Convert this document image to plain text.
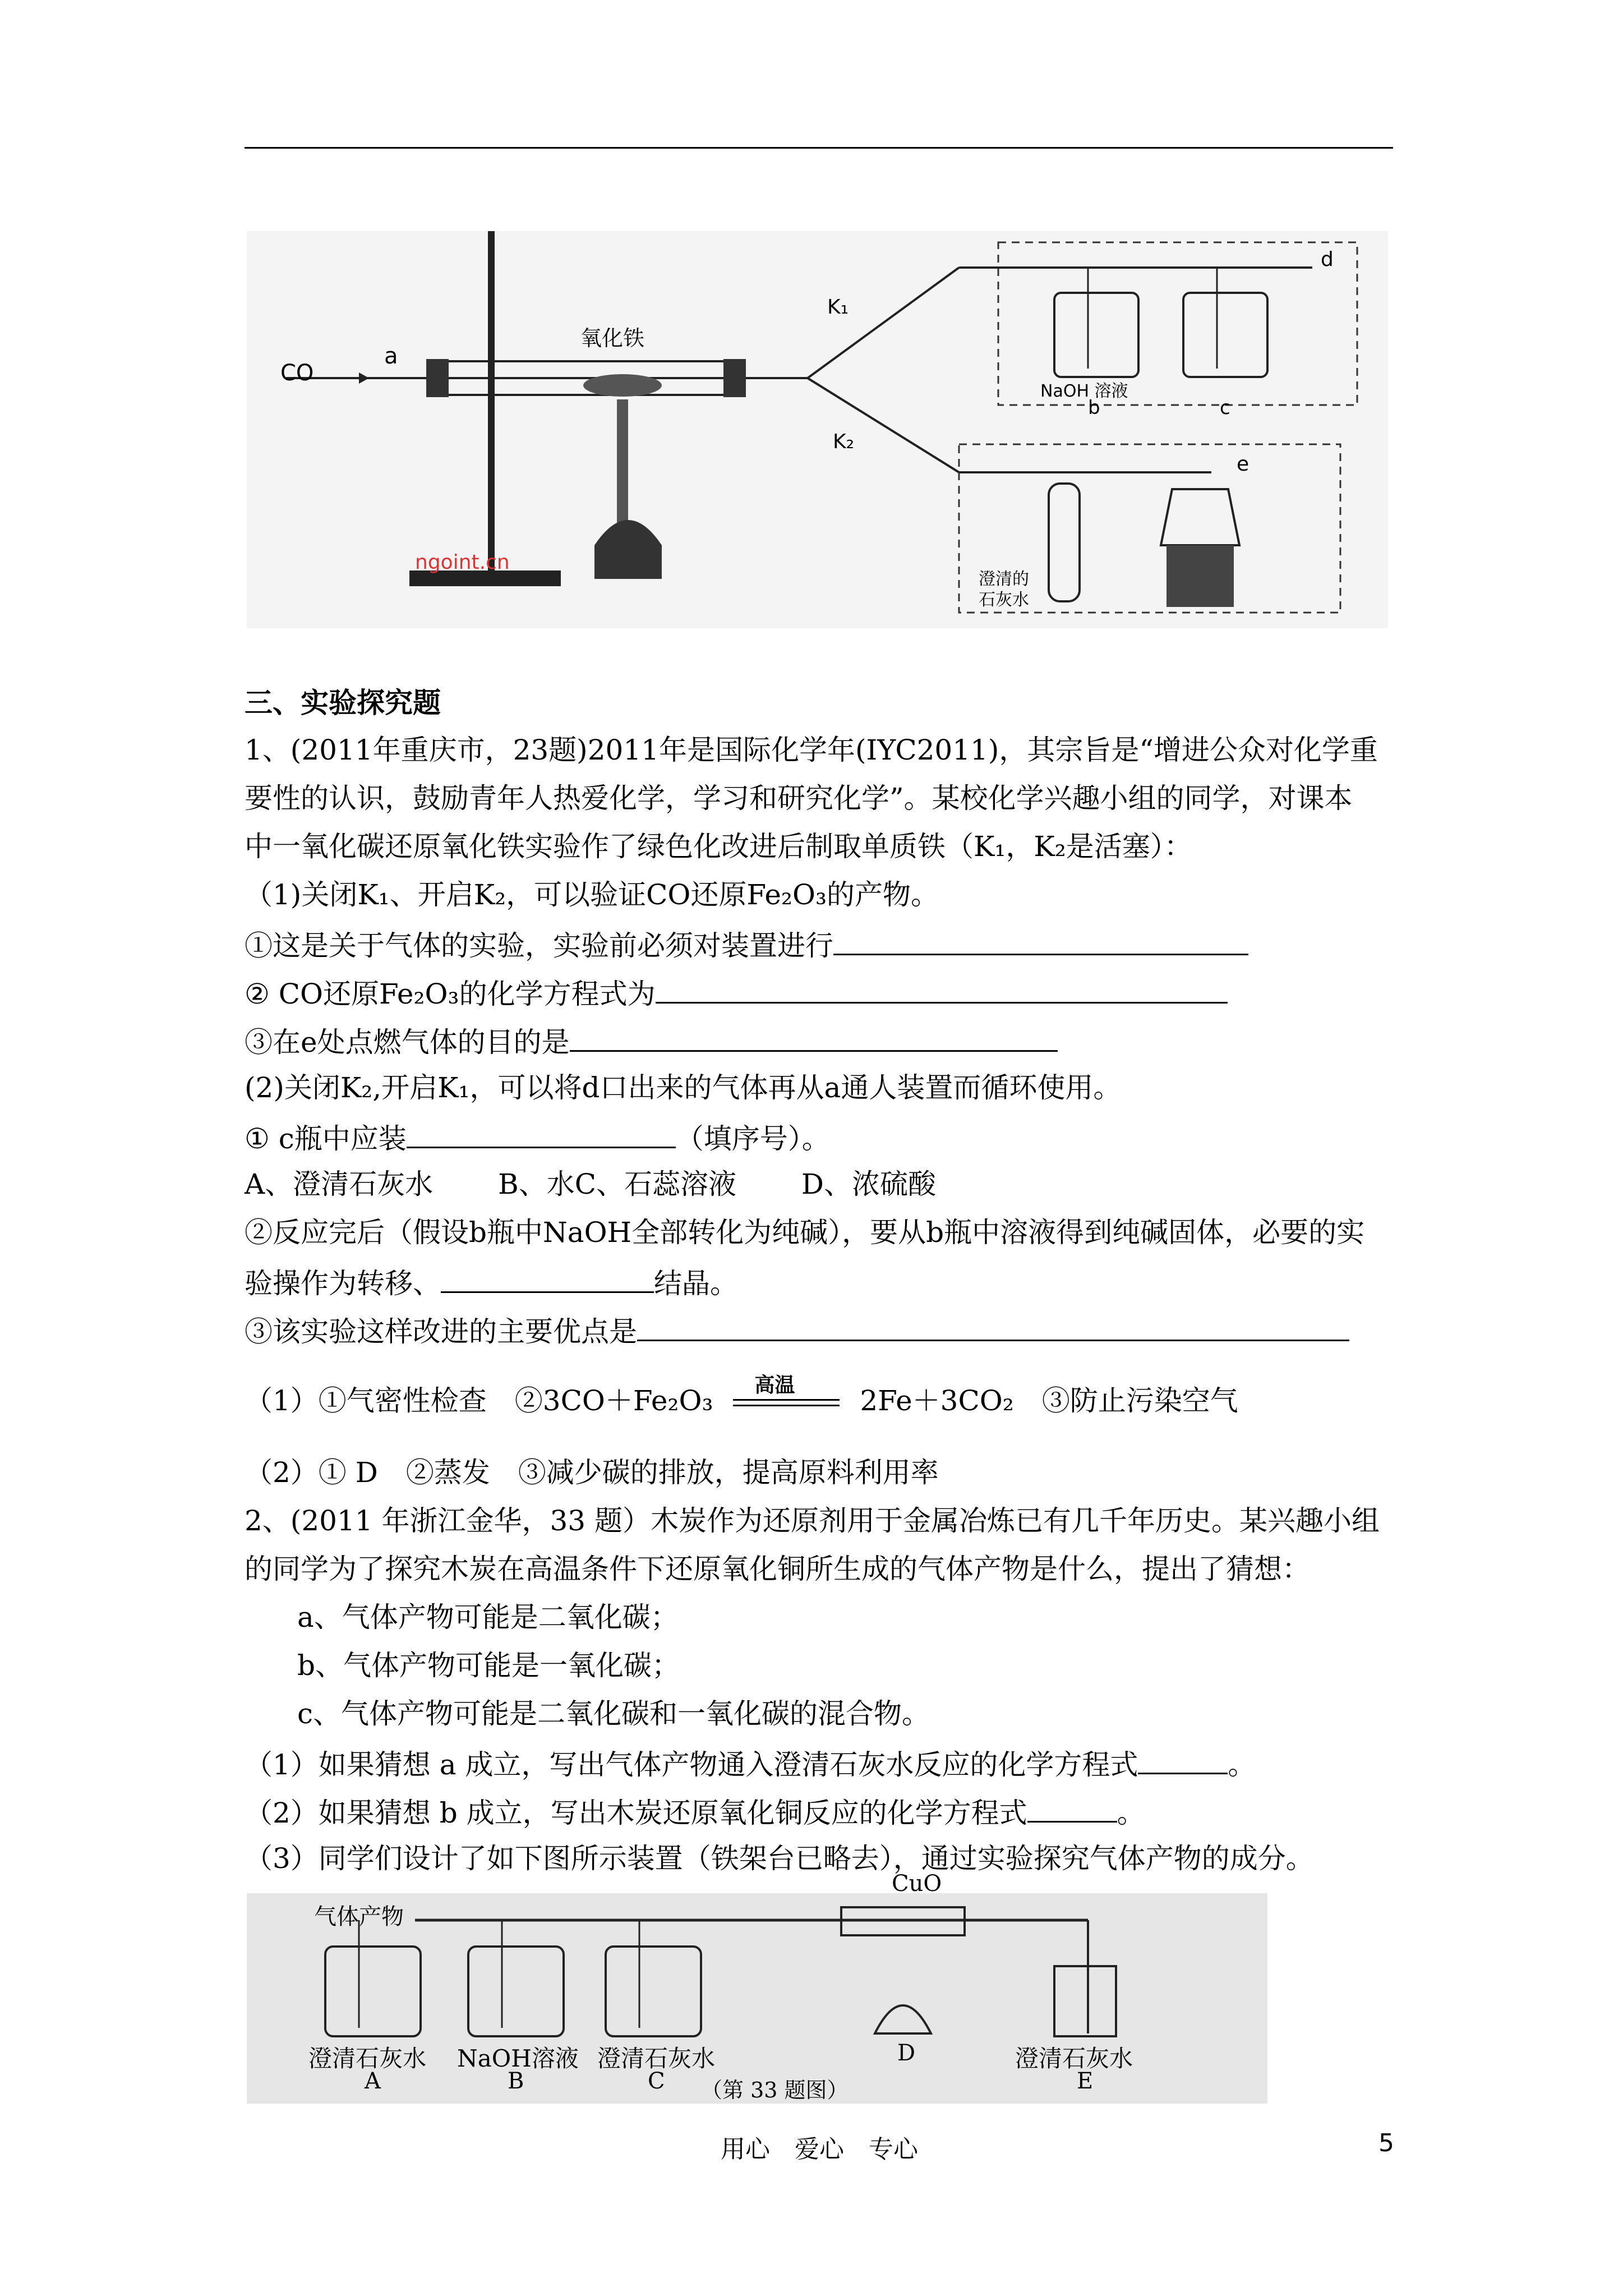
CO
a
氧化铁
K₁
K₂
NaOH 溶液
b	c
d
e
澄清的
石灰水
ngoint.cn
三、实验探究题
1、(2011年重庆市，23题)2011年是国际化学年(IYC2011)，其宗旨是“增进公众对化学重
要性的认识，鼓励青年人热爱化学，学习和研究化学”。某校化学兴趣小组的同学，对课本
中一氧化碳还原氧化铁实验作了绿色化改进后制取单质铁（K₁，K₂是活塞）：
（1)关闭K₁、开启K₂，可以验证CO还原Fe₂O₃的产物。
①这是关于气体的实验，实验前必须对装置进行
② CO还原Fe₂O₃的化学方程式为
③在e处点燃气体的目的是
(2)关闭K₂,开启K₁，可以将d口出来的气体再从a通人装置而循环使用。
① c瓶中应装	（填序号）。
A、澄清石灰水　　 B、水C、石蕊溶液　　 D、浓硫酸
②反应完后（假设b瓶中NaOH全部转化为纯碱），要从b瓶中溶液得到纯碱固体，必要的实
验操作为转移、	结晶。
③该实验这样改进的主要优点是
（1）①气密性检查　②3CO＋Fe₂O₃ 高温 2Fe＋3CO₂　③防止污染空气
（2）① D　②蒸发　③减少碳的排放，提高原料利用率
2、(2011 年浙江金华，33 题）木炭作为还原剂用于金属冶炼已有几千年历史。某兴趣小组
的同学为了探究木炭在高温条件下还原氧化铜所生成的气体产物是什么，提出了猜想：
a、气体产物可能是二氧化碳；
b、气体产物可能是一氧化碳；
c、气体产物可能是二氧化碳和一氧化碳的混合物。
（1）如果猜想 a 成立，写出气体产物通入澄清石灰水反应的化学方程式	。
（2）如果猜想 b 成立，写出木炭还原氧化铜反应的化学方程式	。
（3）同学们设计了如下图所示装置（铁架台已略去），通过实验探究气体产物的成分。
气体产物
CuO
澄清石灰水 NaOH溶液 澄清石灰水	澄清石灰水
A	B	C
D
E
（第 33 题图）
用心　爱心　专心	5
